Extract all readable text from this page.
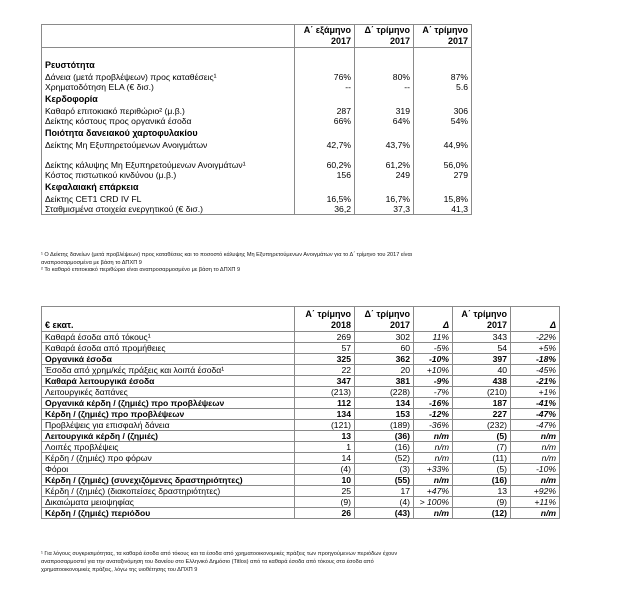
	Α΄ εξάμηνο 2017	Δ΄ τρίμηνο 2017	Α΄ τρίμηνο 2017

Ρευστότητα			
Δάνεια (μετά προβλέψεων) προς καταθέσεις¹	76%	80%	87%
Χρηματοδότηση ELA (€ δισ.)	--	--	5.6
Κερδοφορία			
Καθαρό επιτοκιακό περιθώριο² (μ.β.)	287	319	306
Δείκτης κόστους προς οργανικά έσοδα	66%	64%	54%
Ποιότητα δανειακού χαρτοφυλακίου			
Δείκτης Μη Εξυπηρετούμενων Ανοιγμάτων	42,7%	43,7%	44,9%
Δείκτης κάλυψης Μη Εξυπηρετούμενων Ανοιγμάτων¹	60,2%	61,2%	56,0%
Κόστος πιστωτικού κινδύνου (μ.β.)	156	249	279
Κεφαλαιακή επάρκεια			
Δείκτης CET1 CRD IV FL	16,5%	16,7%	15,8%
Σταθμισμένα στοιχεία ενεργητικού (€ δισ.)	36,2	37,3	41,3
¹ Ο Δείκτης δανείων (μετά προβλέψεων) προς καταθέσεις και το ποσοστό κάλυψης Μη Εξυπηρετούμενων Ανοιγμάτων για το Δ΄ τρίμηνο του 2017 είναι
αναπροσαρμοσμένα με βάση το ΔΠΧΠ 9
² Το καθαρό επιτοκιακό περιθώριο είναι αναπροσαρμοσμένο με βάση το ΔΠΧΠ 9
€ εκατ.	Α΄ τρίμηνο 2018	Δ΄ τρίμηνο 2017	Δ	Α΄ τρίμηνο 2017	Δ
Καθαρά έσοδα από τόκους¹	269	302	11%	343	-22%
Καθαρά έσοδα από προμήθειες	57	60	-5%	54	+5%
Οργανικά έσοδα	325	362	-10%	397	-18%
Έσοδα από χρημ/κές πράξεις και λοιπά έσοδα¹	22	20	+10%	40	-45%
Καθαρά λειτουργικά έσοδα	347	381	-9%	438	-21%
Λειτουργικές δαπάνες	(213)	(228)	-7%	(210)	+1%
Οργανικά κέρδη / (ζημιές) προ προβλέψεων	112	134	-16%	187	-41%
Κέρδη / (ζημιές) προ προβλέψεων	134	153	-12%	227	-47%
Προβλέψεις για επισφαλή δάνεια	(121)	(189)	-36%	(232)	-47%
Λειτουργικά κέρδη / (ζημιές)	13	(36)	n/m	(5)	n/m
Λοιπές προβλέψεις	1	(16)	n/m	(7)	n/m
Κέρδη / (ζημιές) προ φόρων	14	(52)	n/m	(11)	n/m
Φόροι	(4)	(3)	+33%	(5)	-10%
Κέρδη / (ζημιές) (συνεχιζόμενες δραστηριότητες)	10	(55)	n/m	(16)	n/m
Κέρδη / (ζημιές) (διακοπείσες δραστηριότητες)	25	17	+47%	13	+92%
Δικαιώματα μειοψηφίας	(9)	(4)	> 100%	(9)	+11%
Κέρδη / (ζημιές) περιόδου	26	(43)	n/m	(12)	n/m
¹ Για λόγους συγκρισιμότητας, τα καθαρά έσοδα από τόκους και τα έσοδα από χρηματοοικονομικές πράξεις των προηγούμενων περιόδων έχουν
αναπροσαρμοστεί για την αναταξινόμηση του δανείου στο Ελληνικό Δημόσιο (Titlos) από τα καθαρά έσοδα από τόκους στα έσοδα από
χρηματοοικονομικές πράξεις, λόγω της υιοθέτησης του ΔΠΧΠ 9
